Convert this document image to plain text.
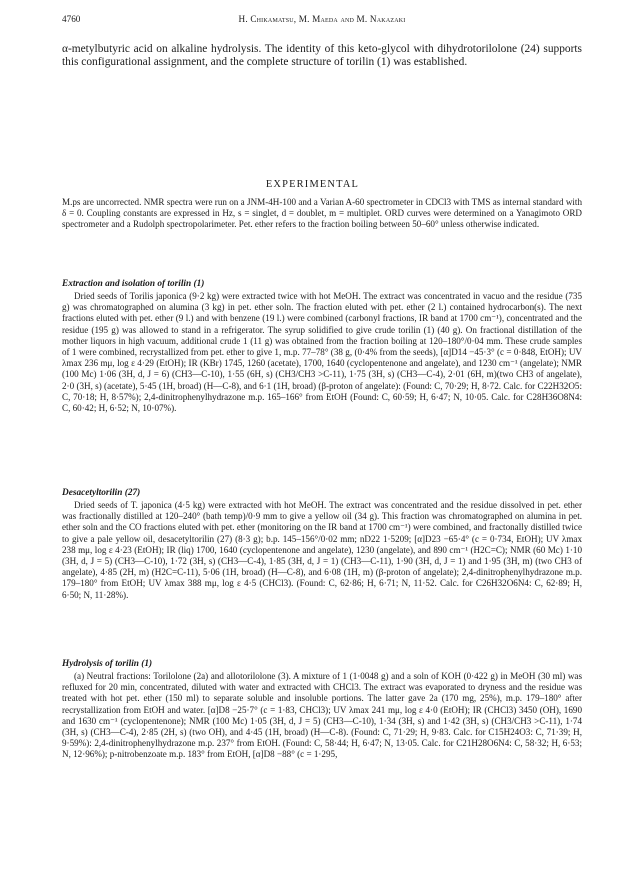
4760	H. Chikamatsu, M. Maeda and M. Nakazaki

α-metylbutyric acid on alkaline hydrolysis. The identity of this keto-glycol with dihydrotorilolone (24) supports this configurational assignment, and the complete structure of torilin (1) was established.

EXPERIMENTAL

M.ps are uncorrected. NMR spectra were run on a JNM-4H-100 and a Varian A-60 spectrometer in CDCl3 with TMS as internal standard with δ = 0. Coupling constants are expressed in Hz, s = singlet, d = doublet, m = multiplet. ORD curves were determined on a Yanagimoto ORD spectrometer and a Rudolph spectropolarimeter. Pet. ether refers to the fraction boiling between 50–60° unless otherwise indicated.

Extraction and isolation of torilin (1)

Dried seeds of Torilis japonica (9·2 kg) were extracted twice with hot MeOH. The extract was concentrated in vacuo and the residue (735 g) was chromatographed on alumina (3 kg) in pet. ether soln. The fraction eluted with pet. ether (2 l.) contained hydrocarbon(s). The next fractions eluted with pet. ether (9 l.) and with benzene (19 l.) were combined (carbonyl fractions, IR band at 1700 cm⁻¹), concentrated and the residue (195 g) was allowed to stand in a refrigerator. The syrup solidified to give crude torilin (1) (40 g). On fractional distillation of the mother liquors in high vacuum, additional crude 1 (11 g) was obtained from the fraction boiling at 120–180°/0·04 mm. These crude samples of 1 were combined, recrystallized from pet. ether to give 1, m.p. 77–78° (38 g, (0·4% from the seeds), [α]D14 −45·3° (c = 0·848, EtOH); UV λmax 236 mμ, log ε 4·29 (EtOH); IR (KBr) 1745, 1260 (acetate), 1700, 1640 (cyclopentenone and angelate), and 1230 cm⁻¹ (angelate); NMR (100 Mc) 1·06 (3H, d, J = 6) (CH3—C-10), 1·55 (6H, s) (CH3/CH3 >C-11), 1·75 (3H, s) (CH3—C-4), 2·01 (6H, m)(two CH3 of angelate), 2·0 (3H, s) (acetate), 5·45 (1H, broad) (H—C-8), and 6·1 (1H, broad) (β-proton of angelate): (Found: C, 70·29; H, 8·72. Calc. for C22H32O5: C, 70·18; H, 8·57%); 2,4-dinitrophenylhydrazone m.p. 165–166° from EtOH (Found: C, 60·59; H, 6·47; N, 10·05. Calc. for C28H36O8N4: C, 60·42; H, 6·52; N, 10·07%).

Desacetyltorilin (27)

Dried seeds of T. japonica (4·5 kg) were extracted with hot MeOH. The extract was concentrated and the residue dissolved in pet. ether was fractionally distilled at 120–240° (bath temp)/0·9 mm to give a yellow oil (34 g). This fraction was chromatographed on alumina in pet. ether soln and the CO fractions eluted with pet. ether (monitoring on the IR band at 1700 cm⁻¹) were combined, and fractonally distilled twice to give a pale yellow oil, desacetyltorilin (27) (8·3 g); b.p. 145–156°/0·02 mm; nD22 1·5209; [α]D23 −65·4° (c = 0·734, EtOH); UV λmax 238 mμ, log ε 4·23 (EtOH); IR (liq) 1700, 1640 (cyclopentenone and angelate), 1230 (angelate), and 890 cm⁻¹ (H2C=C); NMR (60 Mc) 1·10 (3H, d, J = 5) (CH3—C-10), 1·72 (3H, s) (CH3—C-4), 1·85 (3H, d, J = 1) (CH3—C-11), 1·90 (3H, d, J = 1) and 1·95 (3H, m) (two CH3 of angelate), 4·85 (2H, m) (H2C=C-11), 5·06 (1H, broad) (H—C-8), and 6·08 (1H, m) (β-proton of angelate); 2,4-dinitrophenylhydrazone m.p. 179–180° from EtOH; UV λmax 388 mμ, log ε 4·5 (CHCl3). (Found: C, 62·86; H, 6·71; N, 11·52. Calc. for C26H32O6N4: C, 62·89; H, 6·50; N, 11·28%).

Hydrolysis of torilin (1)

(a) Neutral fractions: Torilolone (2a) and allotorilolone (3). A mixture of 1 (1·0048 g) and a soln of KOH (0·422 g) in MeOH (30 ml) was refluxed for 20 min, concentrated, diluted with water and extracted with CHCl3. The extract was evaporated to dryness and the residue was treated with hot pet. ether (150 ml) to separate soluble and insoluble portions. The latter gave 2a (170 mg, 25%), m.p. 179–180° after recrystallization from EtOH and water. [α]D8 −25·7° (c = 1·83, CHCl3); UV λmax 241 mμ, log ε 4·0 (EtOH); IR (CHCl3) 3450 (OH), 1690 and 1630 cm⁻¹ (cyclopentenone); NMR (100 Mc) 1·05 (3H, d, J = 5) (CH3—C-10), 1·34 (3H, s) and 1·42 (3H, s) (CH3/CH3 >C-11), 1·74 (3H, s) (CH3—C-4), 2·85 (2H, s) (two OH), and 4·45 (1H, broad) (H—C-8). (Found: C, 71·29; H, 9·83. Calc. for C15H24O3: C, 71·39; H, 9·59%): 2,4-dinitrophenylhydrazone m.p. 237° from EtOH. (Found: C, 58·44; H, 6·47; N, 13·05. Calc. for C21H28O6N4: C, 58·32; H, 6·53; N, 12·96%); p-nitrobenzoate m.p. 183° from EtOH, [α]D8 −88° (c = 1·295,
